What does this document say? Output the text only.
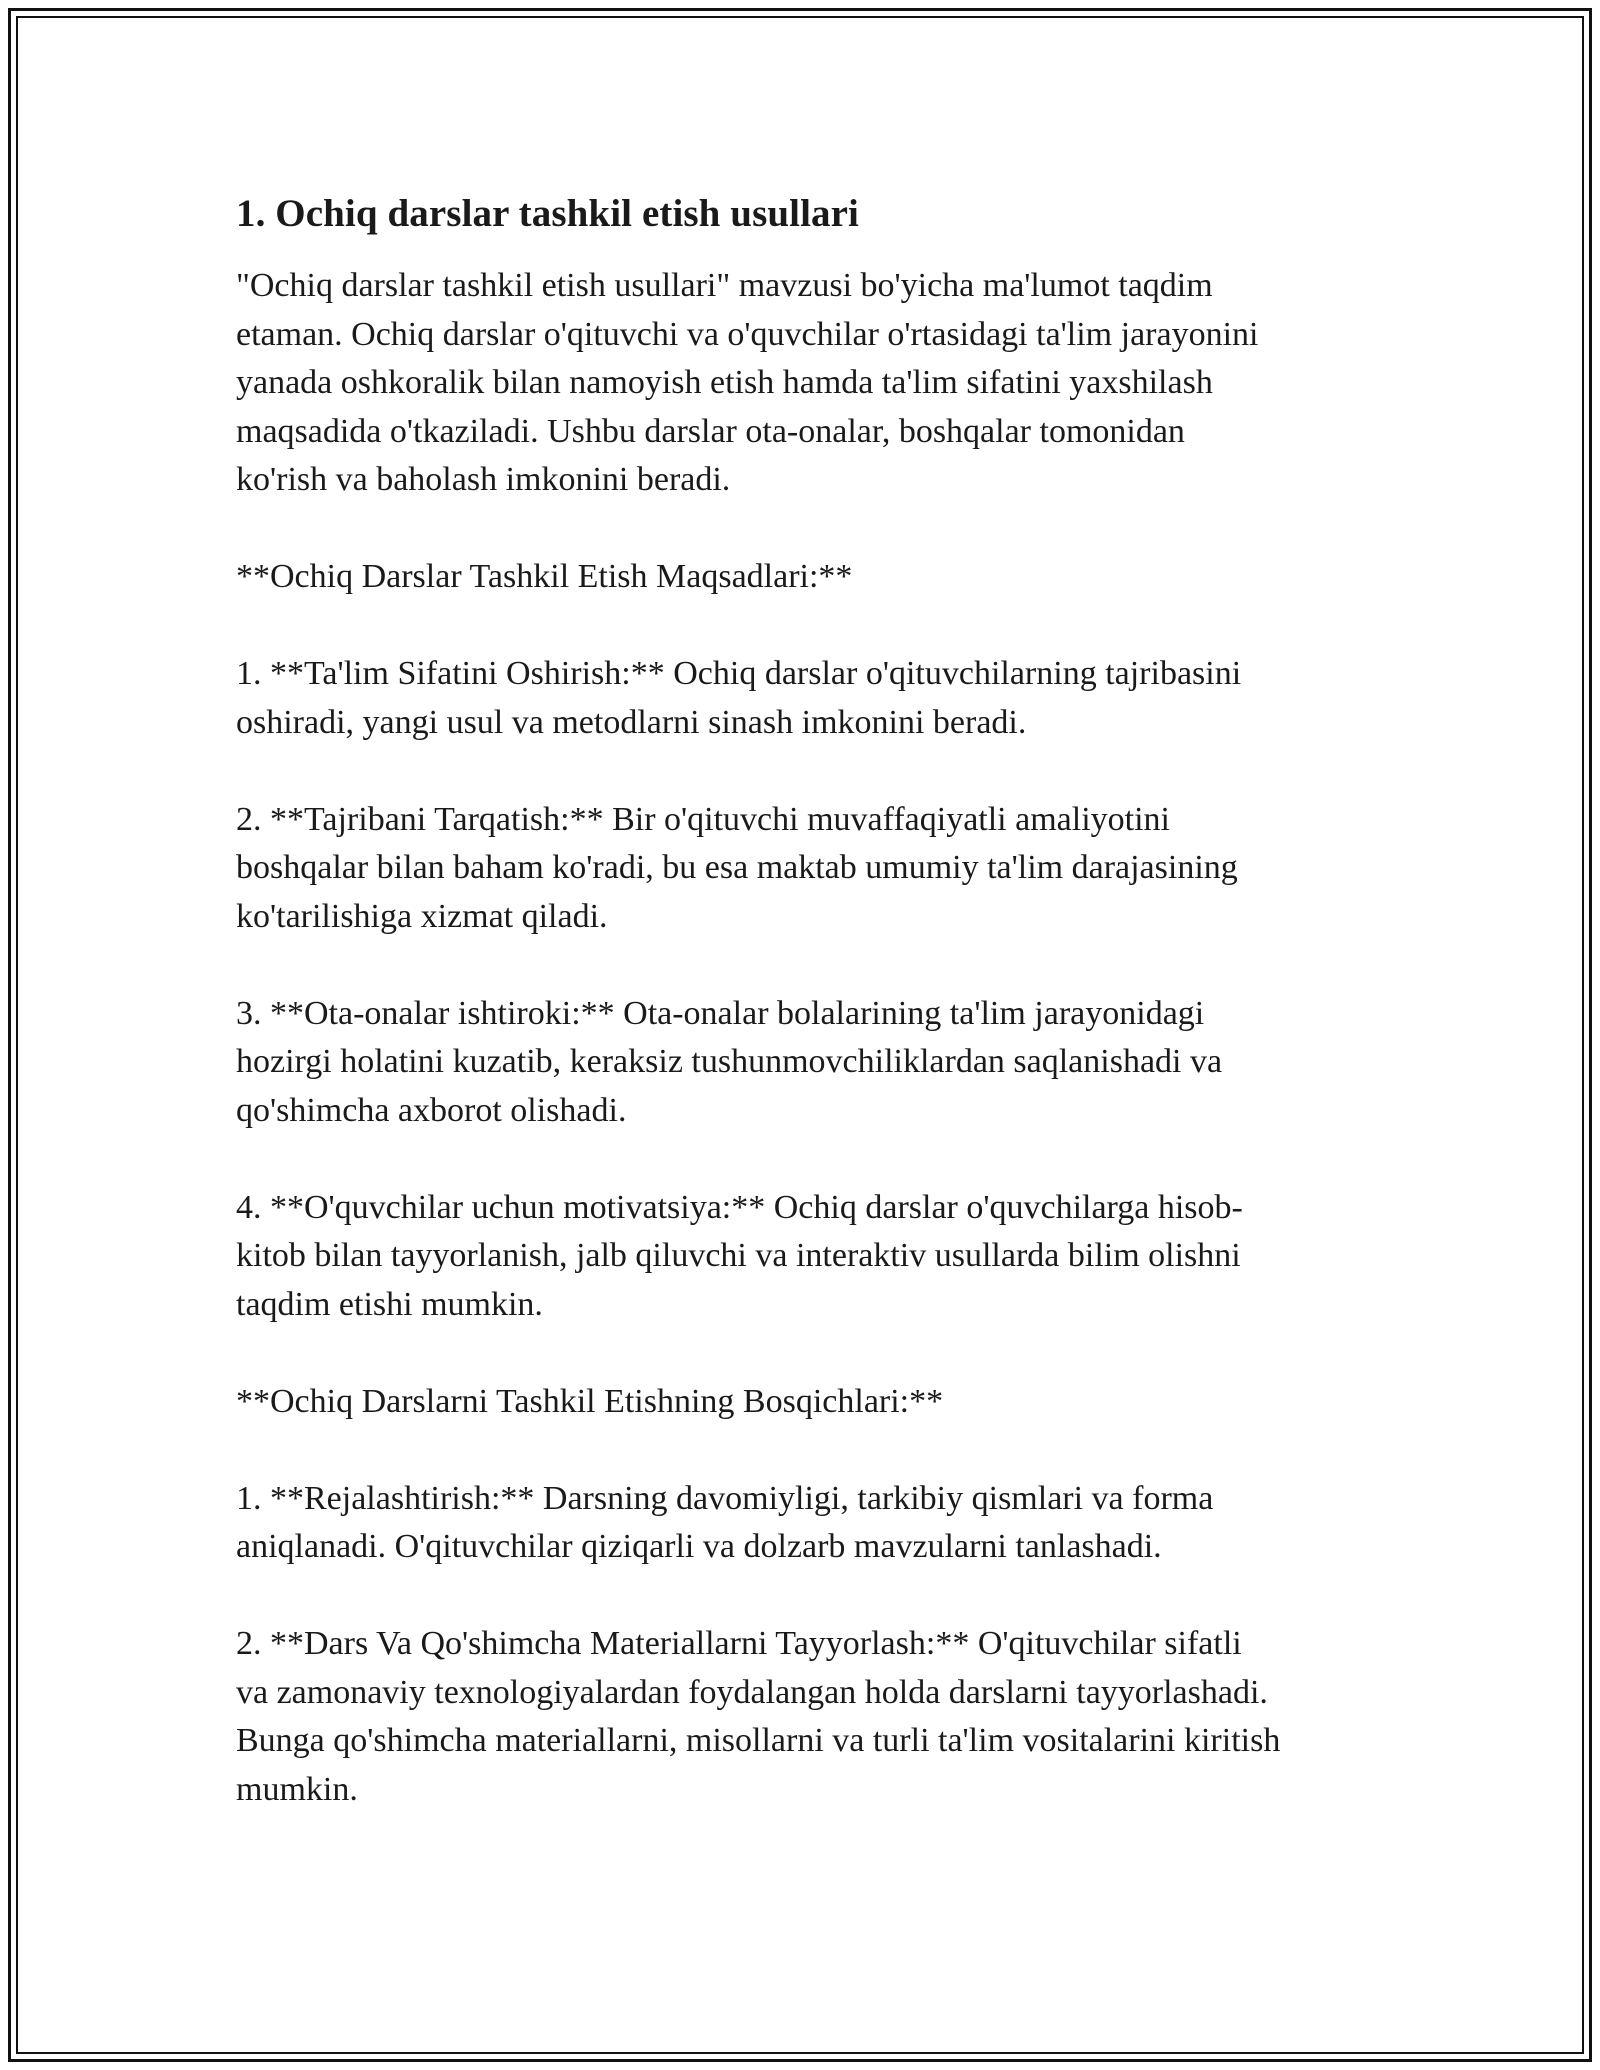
1. Ochiq darslar tashkil etish usullari

"Ochiq darslar tashkil etish usullari" mavzusi bo'yicha ma'lumot taqdim
etaman. Ochiq darslar o'qituvchi va o'quvchilar o'rtasidagi ta'lim jarayonini
yanada oshkoralik bilan namoyish etish hamda ta'lim sifatini yaxshilash
maqsadida o'tkaziladi. Ushbu darslar ota-onalar, boshqalar tomonidan
ko'rish va baholash imkonini beradi.

**Ochiq Darslar Tashkil Etish Maqsadlari:**

1. **Ta'lim Sifatini Oshirish:** Ochiq darslar o'qituvchilarning tajribasini
oshiradi, yangi usul va metodlarni sinash imkonini beradi.

2. **Tajribani Tarqatish:** Bir o'qituvchi muvaffaqiyatli amaliyotini
boshqalar bilan baham ko'radi, bu esa maktab umumiy ta'lim darajasining
ko'tarilishiga xizmat qiladi.

3. **Ota-onalar ishtiroki:** Ota-onalar bolalarining ta'lim jarayonidagi
hozirgi holatini kuzatib, keraksiz tushunmovchiliklardan saqlanishadi va
qo'shimcha axborot olishadi.

4. **O'quvchilar uchun motivatsiya:** Ochiq darslar o'quvchilarga hisob-
kitob bilan tayyorlanish, jalb qiluvchi va interaktiv usullarda bilim olishni
taqdim etishi mumkin.

**Ochiq Darslarni Tashkil Etishning Bosqichlari:**

1. **Rejalashtirish:** Darsning davomiyligi, tarkibiy qismlari va forma
aniqlanadi. O'qituvchilar qiziqarli va dolzarb mavzularni tanlashadi.

2. **Dars Va Qo'shimcha Materiallarni Tayyorlash:** O'qituvchilar sifatli
va zamonaviy texnologiyalardan foydalangan holda darslarni tayyorlashadi.
Bunga qo'shimcha materiallarni, misollarni va turli ta'lim vositalarini kiritish
mumkin.
